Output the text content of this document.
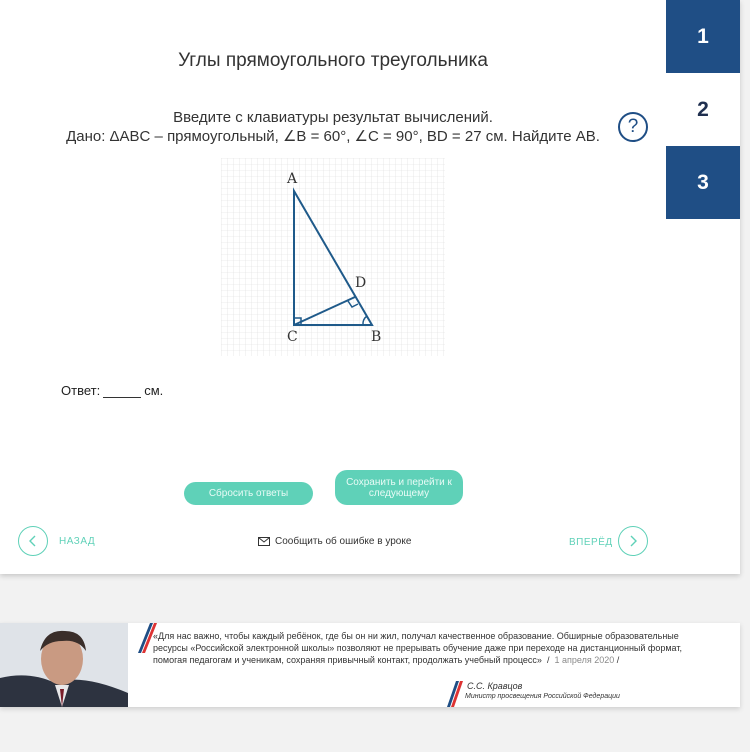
Углы прямоугольного треугольника
1
2
3
Введите с клавиатуры результат вычислений.
Дано: ΔABC – прямоугольный, ∠B = 60°, ∠C = 90°, BD = 27 см. Найдите AB.	?
A
B
C
D
Ответ:	см.
Сбросить ответы
Сохранить и перейти к следующему
НАЗАД	Сообщить об ошибке в уроке	ВПЕРЁД
«Для нас важно, чтобы каждый ребёнок, где бы он ни жил, получал качественное образование. Обширные образовательные ресурсы «Российской электронной школы» позволяют не прерывать обучение даже при переходе на дистанционный формат, помогая педагогам и ученикам, сохраняя привычный контакт, продолжать учебный процесс»  /  1 апреля 2020 /
С.С. Кравцов
Министр просвещения Российской Федерации
